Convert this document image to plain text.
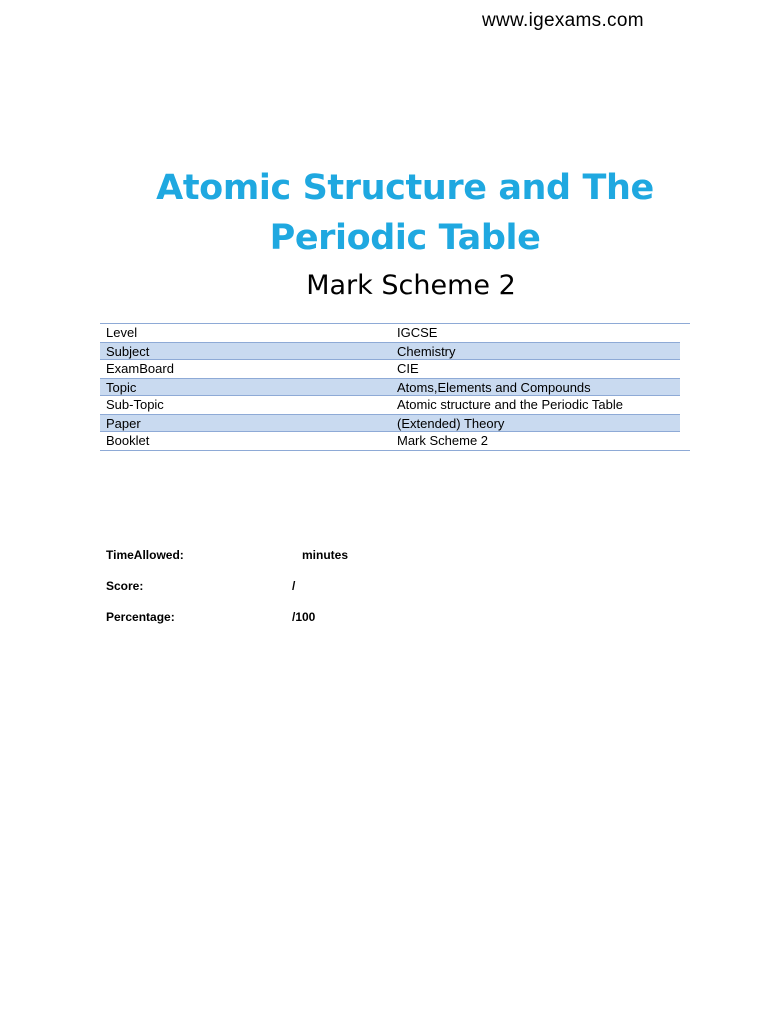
www.igexams.com
Atomic Structure and The
Periodic Table
Mark Scheme 2
Level	IGCSE
Subject	Chemistry
ExamBoard	CIE
Topic	Atoms,Elements and Compounds
Sub-Topic	Atomic structure and the Periodic Table
Paper	(Extended) Theory
Booklet	Mark Scheme 2
TimeAllowed:	minutes
Score:	/
Percentage:	/100
